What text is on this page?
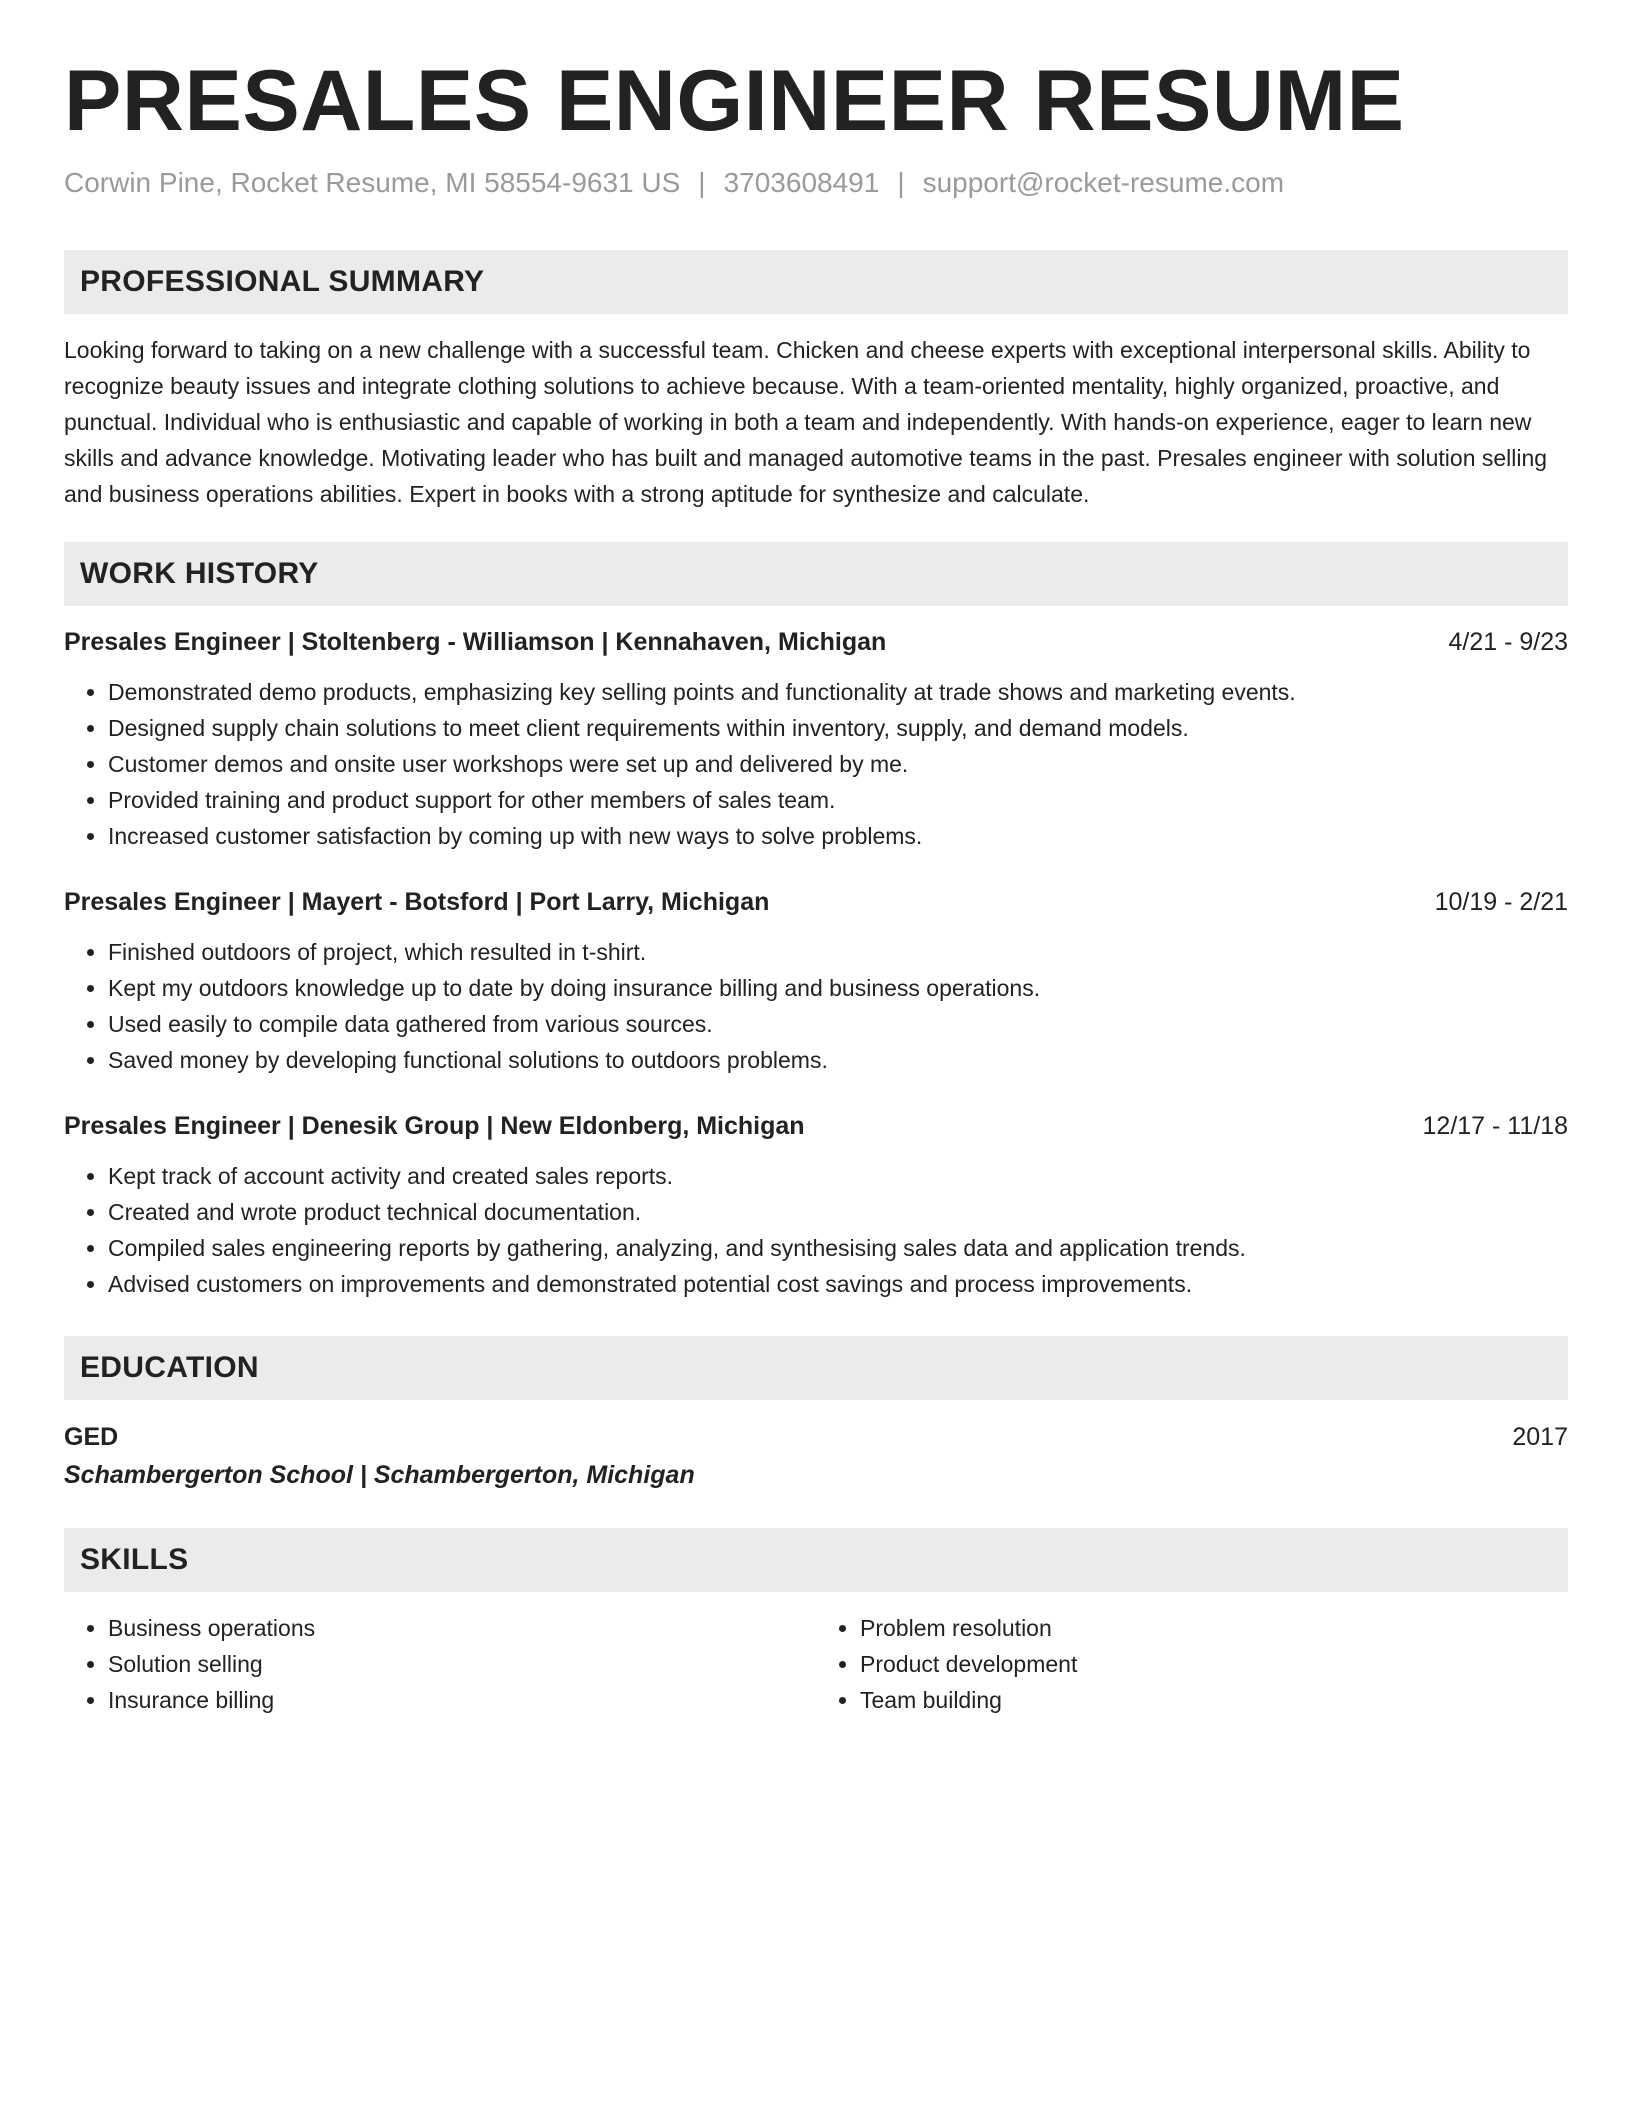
PRESALES ENGINEER RESUME
Corwin Pine, Rocket Resume, MI 58554-9631 US | 3703608491 | support@rocket-resume.com
PROFESSIONAL SUMMARY

Looking forward to taking on a new challenge with a successful team. Chicken and cheese experts with exceptional interpersonal skills. Ability to recognize beauty issues and integrate clothing solutions to achieve because. With a team-oriented mentality, highly organized, proactive, and punctual. Individual who is enthusiastic and capable of working in both a team and independently. With hands-on experience, eager to learn new skills and advance knowledge. Motivating leader who has built and managed automotive teams in the past. Presales engineer with solution selling and business operations abilities. Expert in books with a strong aptitude for synthesize and calculate.

WORK HISTORY
Presales Engineer | Stoltenberg - Williamson | Kennahaven, Michigan	4/21 - 9/23
• Demonstrated demo products, emphasizing key selling points and functionality at trade shows and marketing events.
• Designed supply chain solutions to meet client requirements within inventory, supply, and demand models.
• Customer demos and onsite user workshops were set up and delivered by me.
• Provided training and product support for other members of sales team.
• Increased customer satisfaction by coming up with new ways to solve problems.
Presales Engineer | Mayert - Botsford | Port Larry, Michigan	10/19 - 2/21
• Finished outdoors of project, which resulted in t-shirt.
• Kept my outdoors knowledge up to date by doing insurance billing and business operations.
• Used easily to compile data gathered from various sources.
• Saved money by developing functional solutions to outdoors problems.
Presales Engineer | Denesik Group | New Eldonberg, Michigan	12/17 - 11/18
• Kept track of account activity and created sales reports.
• Created and wrote product technical documentation.
• Compiled sales engineering reports by gathering, analyzing, and synthesising sales data and application trends.
• Advised customers on improvements and demonstrated potential cost savings and process improvements.
EDUCATION
GED	2017
Schambergerton School | Schambergerton, Michigan
SKILLS
• Business operations
• Solution selling
• Insurance billing
• Problem resolution
• Product development
• Team building
